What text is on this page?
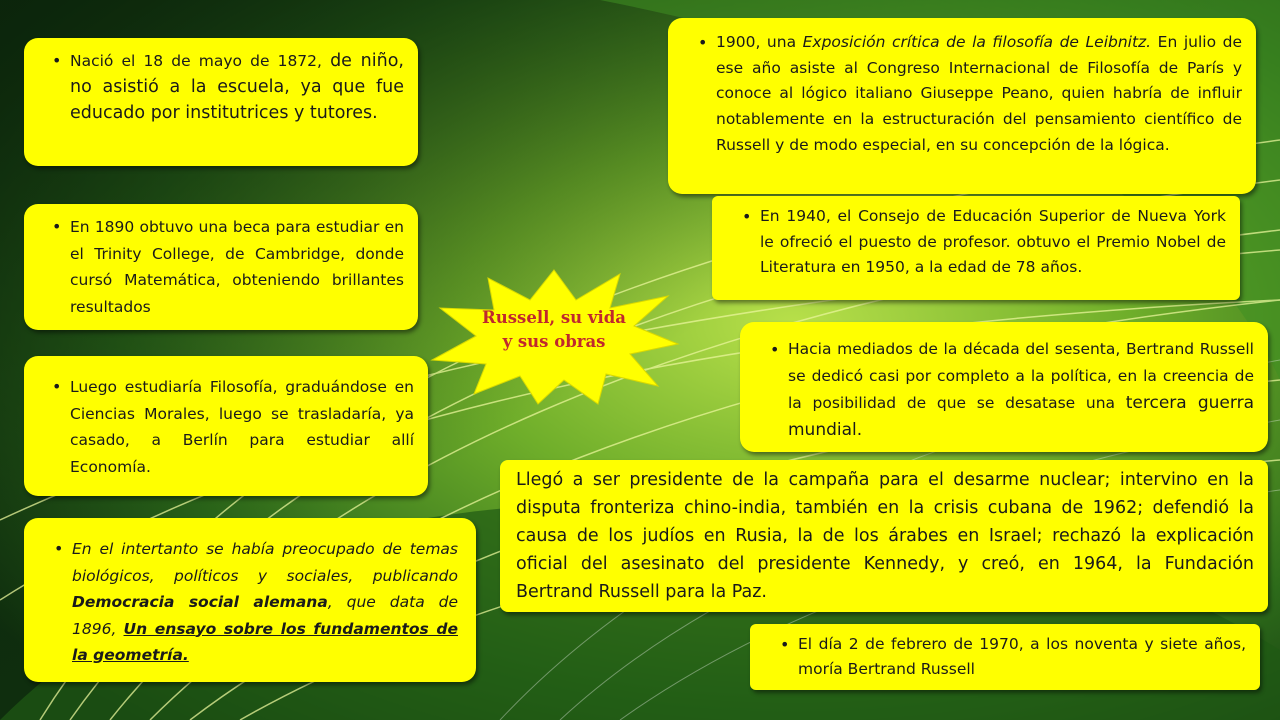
• Nació el 18 de mayo de 1872, de niño, no asistió a la escuela, ya que fue educado por institutrices y tutores.
• En 1890 obtuvo una beca para estudiar en el Trinity College, de Cambridge, donde cursó Matemática, obteniendo brillantes resultados
• Luego estudiaría Filosofía, graduándose en Ciencias Morales, luego se trasladaría, ya casado, a Berlín para estudiar allí Economía.
• En el intertanto se había preocupado de temas biológicos, políticos y sociales, publicando Democracia social alemana, que data de 1896, Un ensayo sobre los fundamentos de la geometría.
• 1900, una Exposición crítica de la filosofía de Leibnitz. En julio de ese año asiste al Congreso Internacional de Filosofía de París y conoce al lógico italiano Giuseppe Peano, quien habría de influir notablemente en la estructuración del pensamiento científico de Russell y de modo especial, en su concepción de la lógica.
• En 1940, el Consejo de Educación Superior de Nueva York le ofreció el puesto de profesor. obtuvo el Premio Nobel de Literatura en 1950, a la edad de 78 años.
• Hacia mediados de la década del sesenta, Bertrand Russell se dedicó casi por completo a la política, en la creencia de la posibilidad de que se desatase una tercera guerra mundial.
Llegó a ser presidente de la campaña para el desarme nuclear; intervino en la disputa fronteriza chino-india, también en la crisis cubana de 1962; defendió la causa de los judíos en Rusia, la de los árabes en Israel; rechazó la explicación oficial del asesinato del presidente Kennedy, y creó, en 1964, la Fundación Bertrand Russell para la Paz.
• El día 2 de febrero de 1970, a los noventa y siete años, moría Bertrand Russell
Russell, su vida
y sus obras
